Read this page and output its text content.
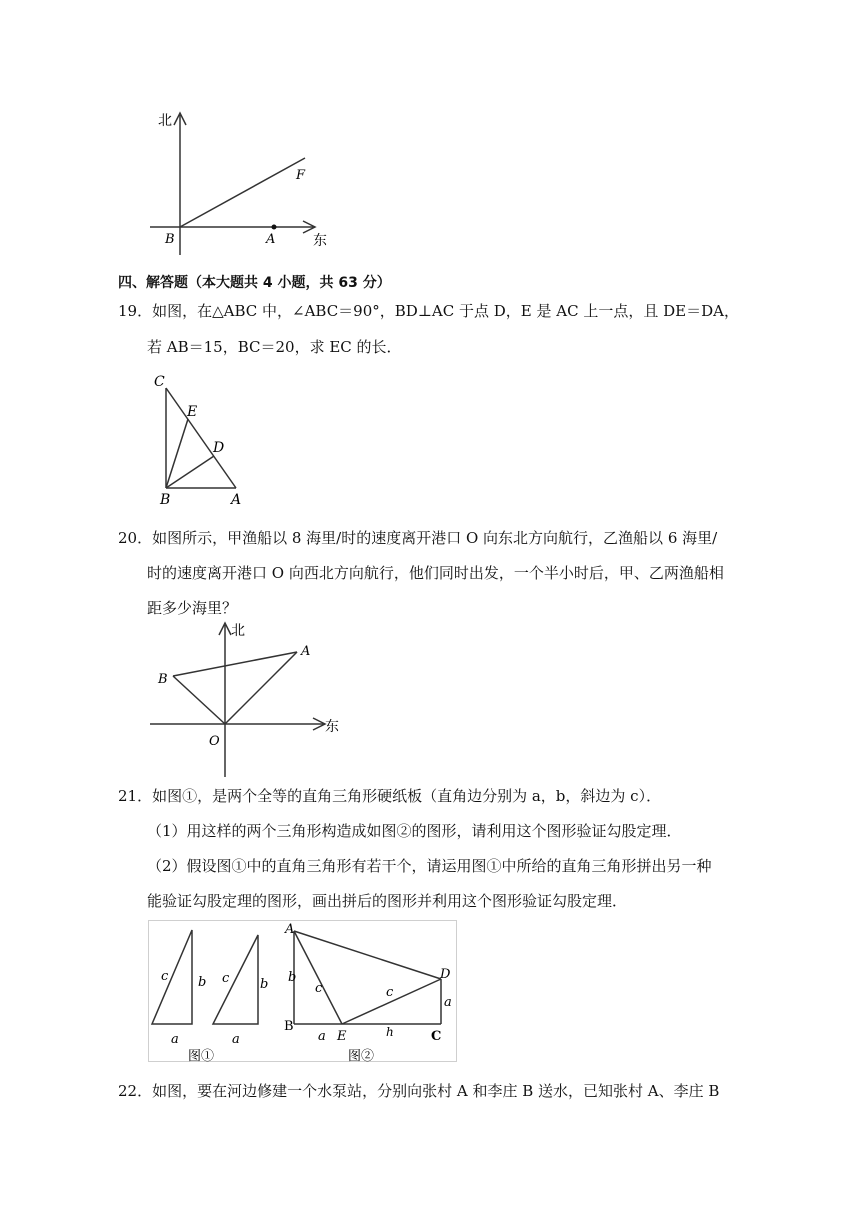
北
东
B	A
F
四、解答题（本大题共 4 小题，共 63 分）
19．如图，在△ABC 中，∠ABC＝90°，BD⊥AC 于点 D，E 是 AC 上一点，且 DE＝DA，
若 AB＝15，BC＝20，求 EC 的长．
C
E
D
B	A
20．如图所示，甲渔船以 8 海里/时的速度离开港口 O 向东北方向航行，乙渔船以 6 海里/
时的速度离开港口 O 向西北方向航行，他们同时出发，一个半小时后，甲、乙两渔船相
距多少海里？
北
东
A
B
O
21．如图①，是两个全等的直角三角形硬纸板（直角边分别为 a，b，斜边为 c）．
（1）用这样的两个三角形构造成如图②的图形，请利用这个图形验证勾股定理．
（2）假设图①中的直角三角形有若干个，请运用图①中所给的直角三角形拼出另一种
能验证勾股定理的图形，画出拼后的图形并利用这个图形验证勾股定理．
c b
a
c b
a
图①
A
D
B
E	C
b
c	c
a
a	h
图②
22．如图，要在河边修建一个水泵站，分别向张村 A 和李庄 B 送水，已知张村 A、李庄 B
